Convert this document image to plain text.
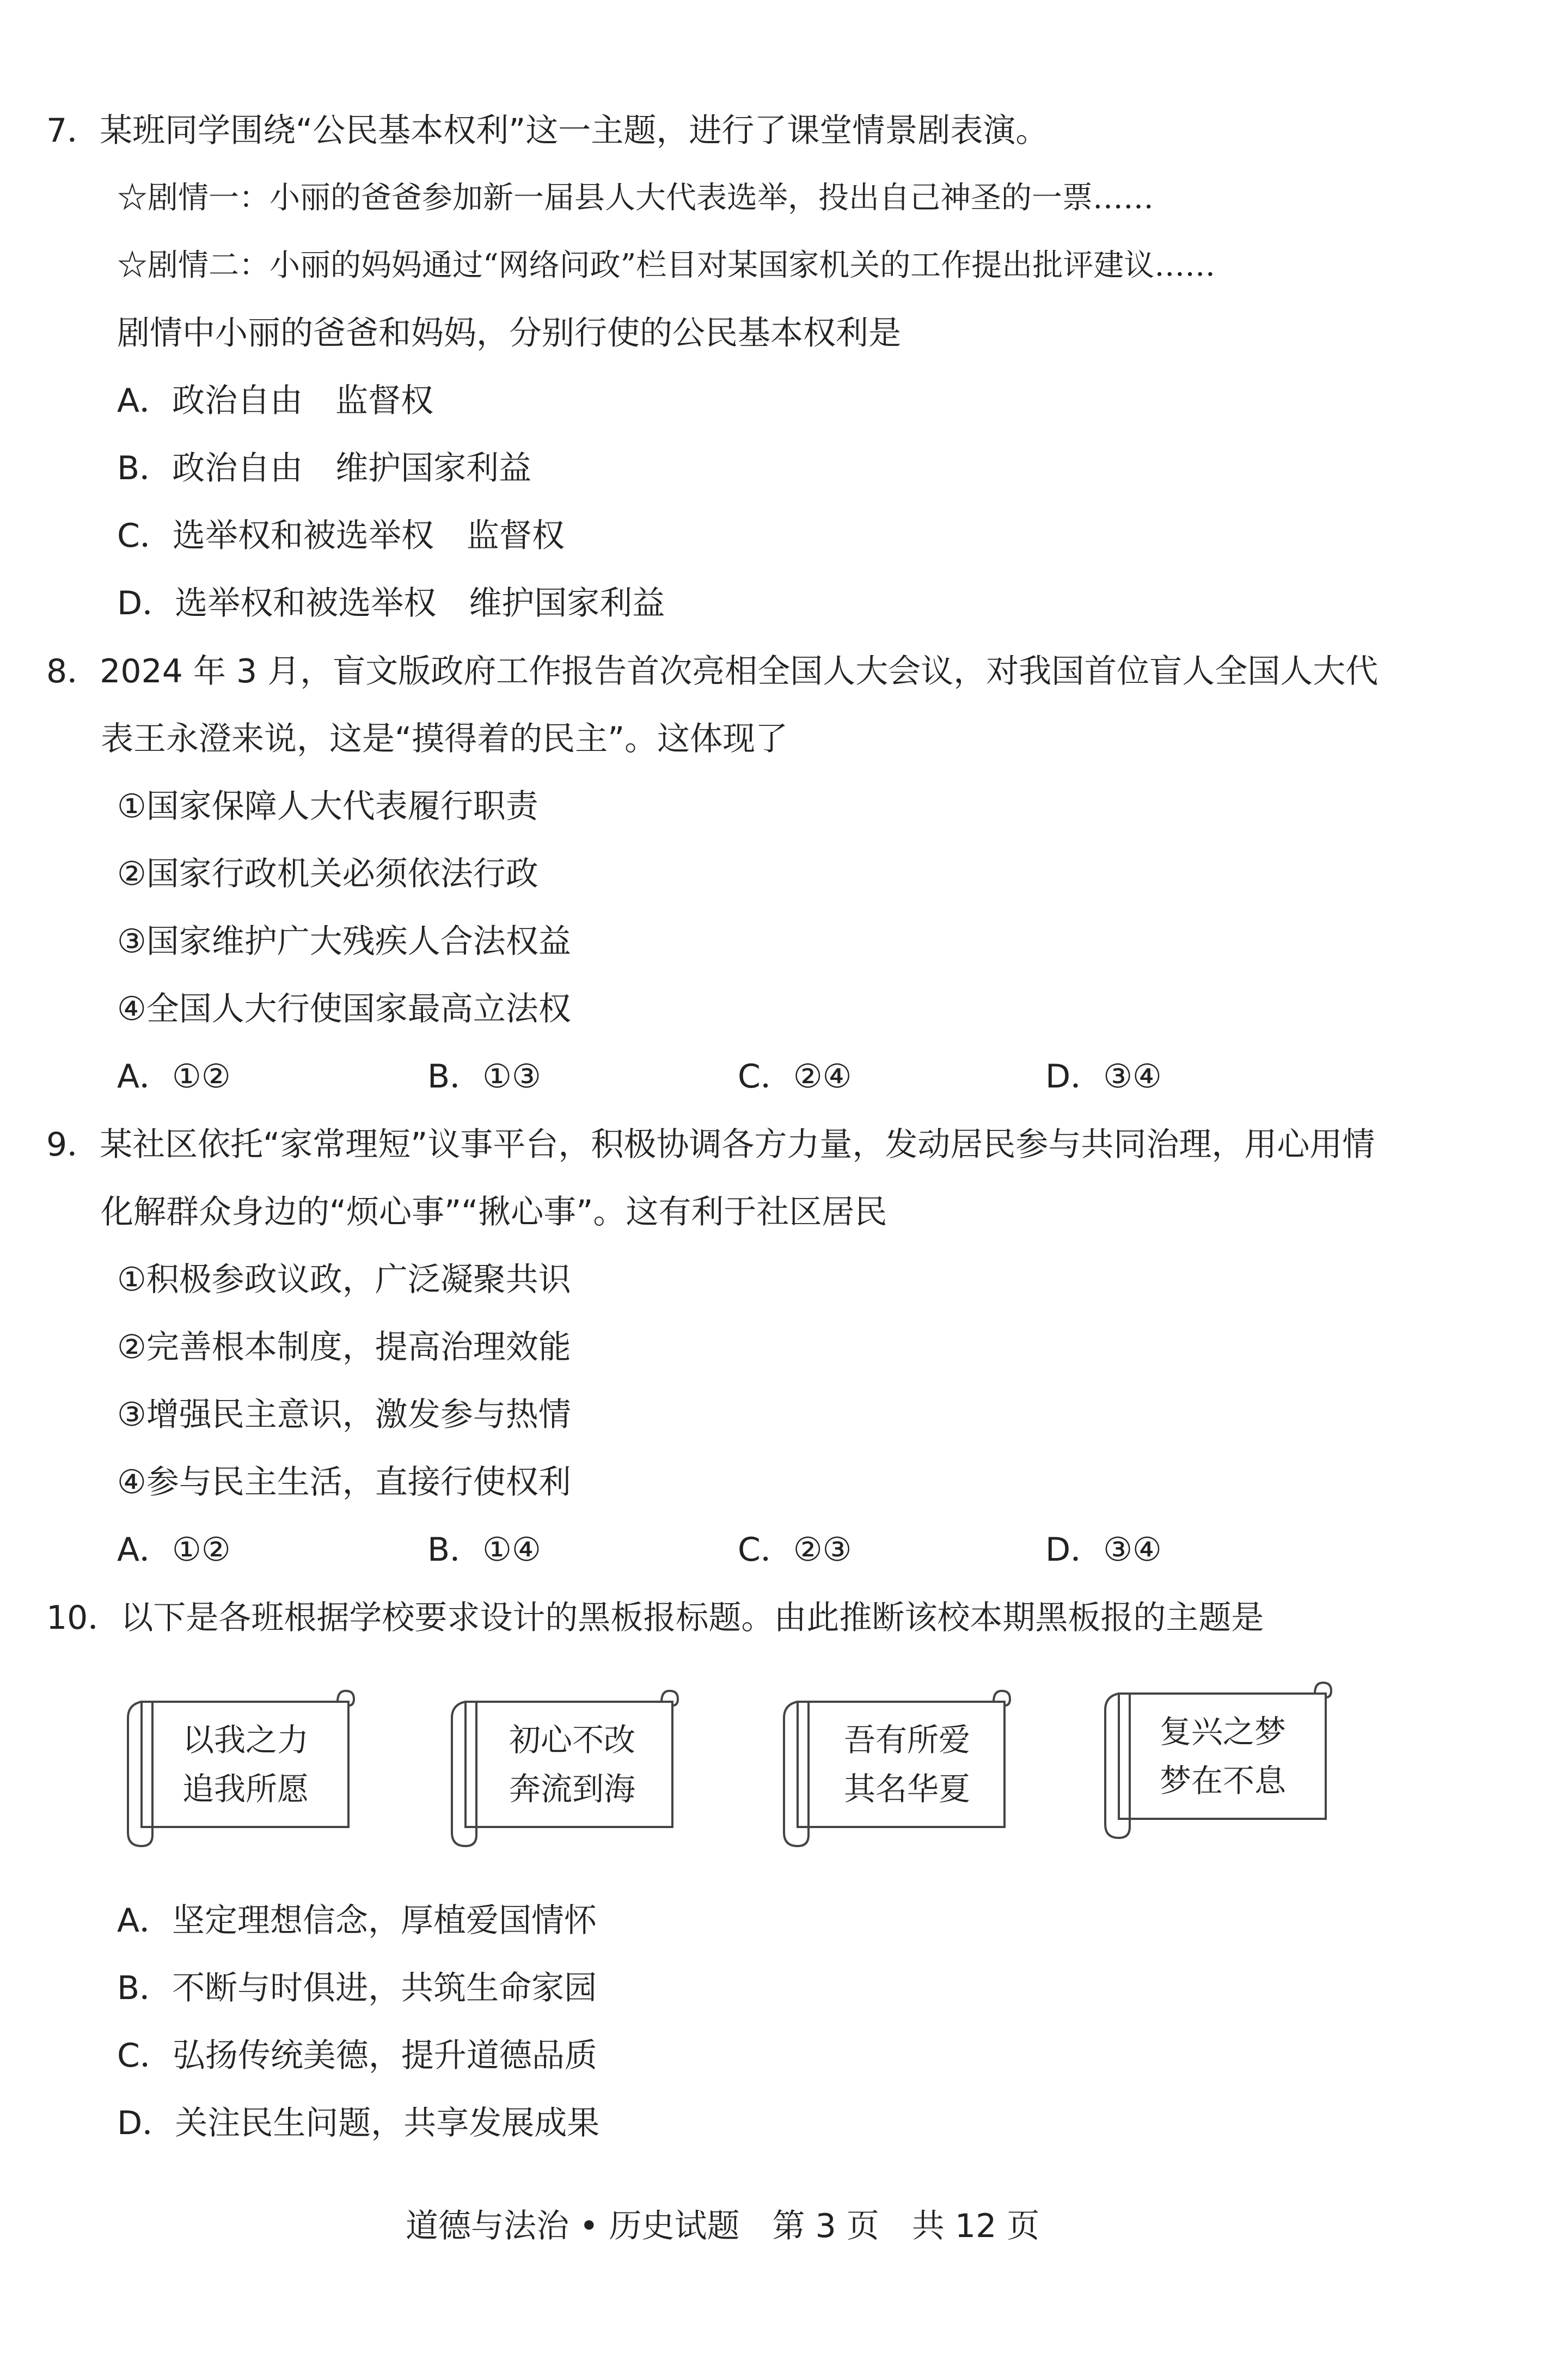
7．某班同学围绕“公民基本权利”这一主题，进行了课堂情景剧表演。
☆剧情一：小丽的爸爸参加新一届县人大代表选举，投出自己神圣的一票……
☆剧情二：小丽的妈妈通过“网络问政”栏目对某国家机关的工作提出批评建议……
剧情中小丽的爸爸和妈妈，分别行使的公民基本权利是
A．政治自由　监督权
B．政治自由　维护国家利益
C．选举权和被选举权　监督权
D．选举权和被选举权　维护国家利益
8．2024 年 3 月，盲文版政府工作报告首次亮相全国人大会议，对我国首位盲人全国人大代
表王永澄来说，这是“摸得着的民主”。这体现了
①国家保障人大代表履行职责
②国家行政机关必须依法行政
③国家维护广大残疾人合法权益
④全国人大行使国家最高立法权
A．①②	B．①③	C．②④	D．③④
9．某社区依托“家常理短”议事平台，积极协调各方力量，发动居民参与共同治理，用心用情
化解群众身边的“烦心事”“揪心事”。这有利于社区居民
①积极参政议政，广泛凝聚共识
②完善根本制度，提高治理效能
③增强民主意识，激发参与热情
④参与民主生活，直接行使权利
A．①②	B．①④	C．②③	D．③④
10．以下是各班根据学校要求设计的黑板报标题。由此推断该校本期黑板报的主题是
以我之力
追我所愿
初心不改
奔流到海
吾有所爱
其名华夏
复兴之梦
梦在不息
A．坚定理想信念，厚植爱国情怀
B．不断与时俱进，共筑生命家园
C．弘扬传统美德，提升道德品质
D．关注民生问题，共享发展成果
道德与法治 • 历史试题　第 3 页　共 12 页
